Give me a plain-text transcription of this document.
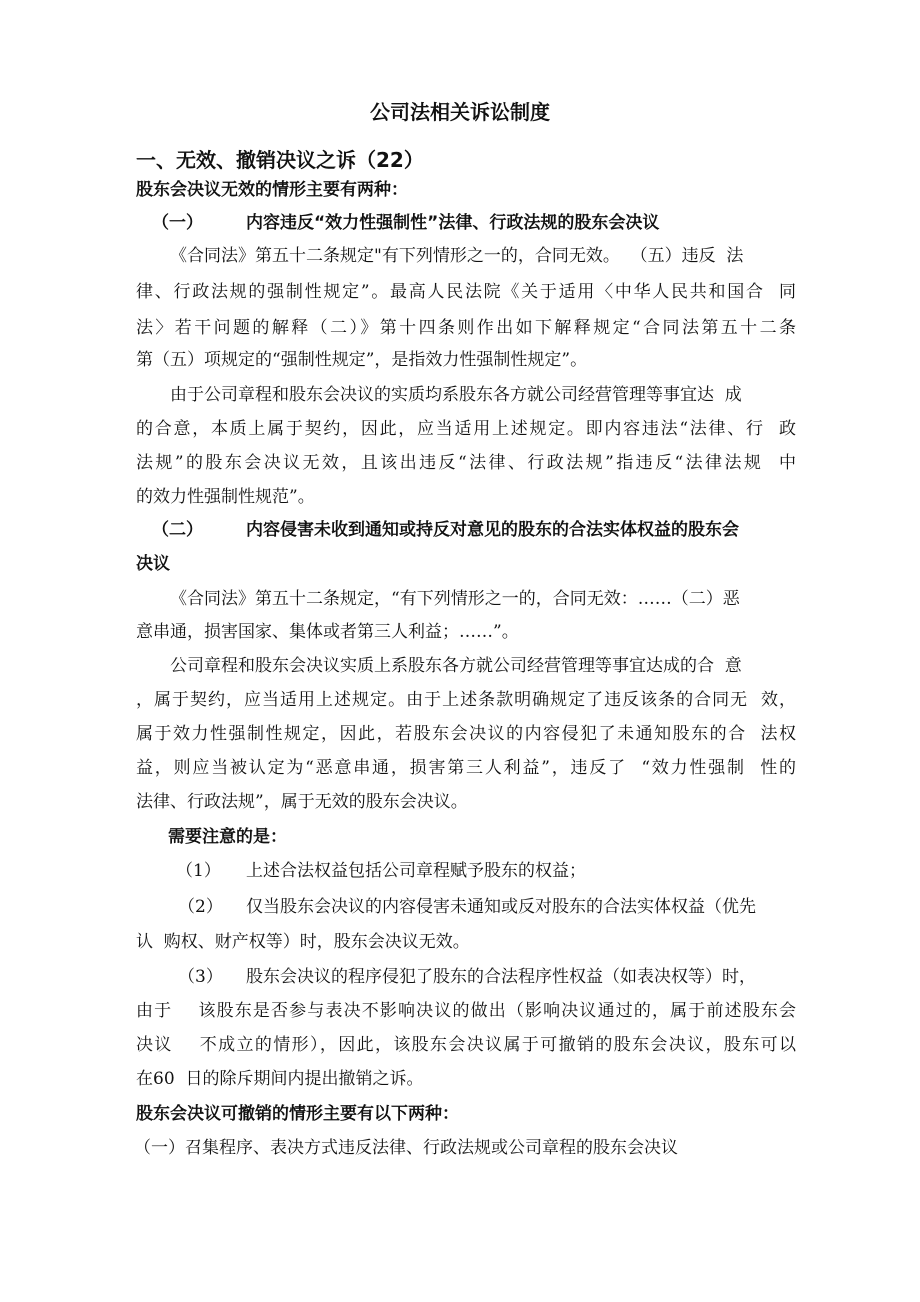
公司法相关诉讼制度
一、无效、撤销决议之诉（22）
股东会决议无效的情形主要有两种：
（一）	内容违反“效力性强制性”法律、行政法规的股东会决议
《合同法》第五十二条规定"有下列情形之一的，合同无效。  （五）违反  法
律、行政法规的强制性规定”。最高人民法院《关于适用〈中华人民共和国合  同
法〉若干问题的解释（二）》第十四条则作出如下解释规定“合同法第五十二条
第（五）项规定的“强制性规定”，是指效力性强制性规定”。
由于公司章程和股东会决议的实质均系股东各方就公司经营管理等事宜达  成
的合意，本质上属于契约，因此，应当适用上述规定。即内容违法“法律、行  政
法规”的股东会决议无效，且该出违反“法律、行政法规”指违反“法律法规  中
的效力性强制性规范”。
（二）	内容侵害未收到通知或持反对意见的股东的合法实体权益的股东会
决议
《合同法》第五十二条规定，“有下列情形之一的，合同无效：……（二）恶
意串通，损害国家、集体或者第三人利益；……”。
公司章程和股东会决议实质上系股东各方就公司经营管理等事宜达成的合  意
，属于契约，应当适用上述规定。由于上述条款明确规定了违反该条的合同无  效，
属于效力性强制性规定，因此，若股东会决议的内容侵犯了未通知股东的合  法权
益，则应当被认定为“恶意串通，损害第三人利益”，违反了  “效力性强制  性的
法律、行政法规”，属于无效的股东会决议。
需要注意的是：
（1） 上述合法权益包括公司章程赋予股东的权益；
（2） 仅当股东会决议的内容侵害未通知或反对股东的合法实体权益（优先
认  购权、财产权等）时，股东会决议无效。
（3） 股东会决议的程序侵犯了股东的合法程序性权益（如表决权等）时，
由于    该股东是否参与表决不影响决议的做出（影响决议通过的，属于前述股东会
决议    不成立的情形），因此，该股东会决议属于可撤销的股东会决议，股东可以
在60  日的除斥期间内提出撤销之诉。
股东会决议可撤销的情形主要有以下两种：
（一）召集程序、表决方式违反法律、行政法规或公司章程的股东会决议
